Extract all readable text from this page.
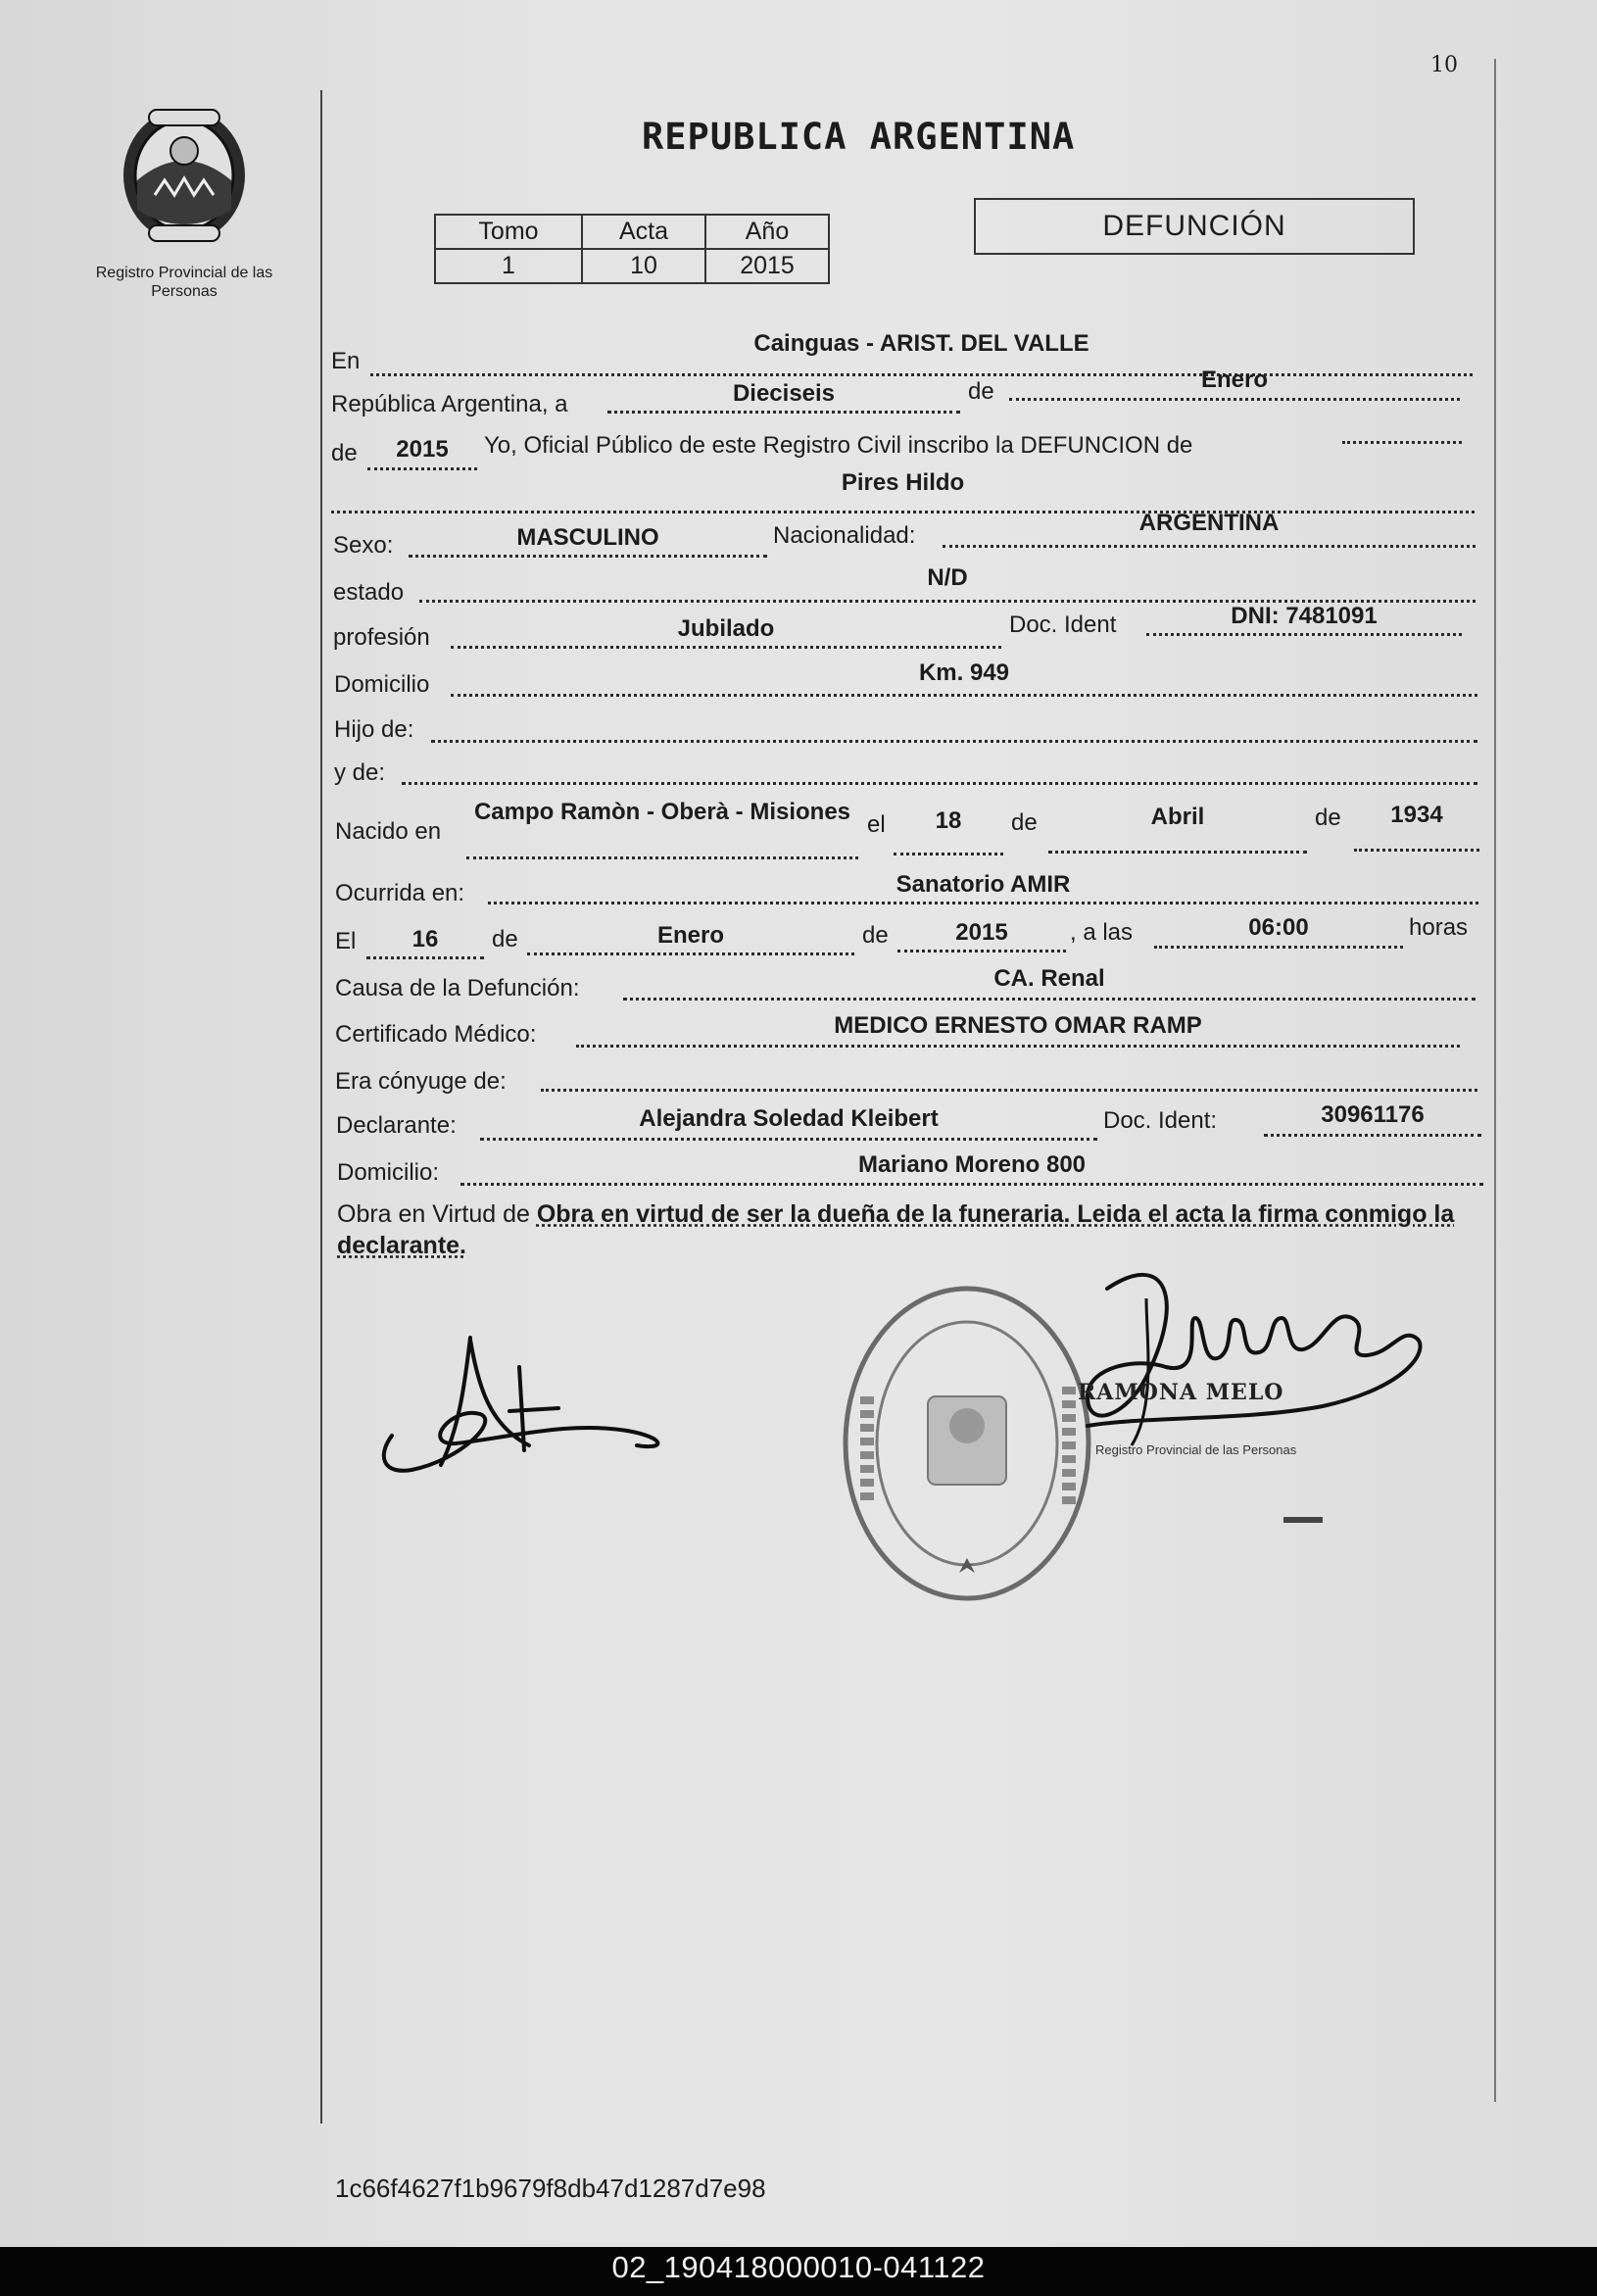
10
Registro Provincial de las Personas
REPUBLICA ARGENTINA
Tomo	Acta	Año
1	10	2015
DEFUNCIÓN
En
Cainguas - ARIST. DEL VALLE
República Argentina, a	Dieciseis	de	Enero
de	2015	Yo, Oficial Público de este Registro Civil inscribo la DEFUNCION de
Pires Hildo
Sexo:	MASCULINO	Nacionalidad:	ARGENTINA
estado
N/D
profesión	Jubilado	Doc. Ident	DNI: 7481091
Domicilio	Km. 949
Hijo de:
y de:
Nacido en
Campo Ramòn - Oberà - Misiones el	18	de	Abril	de	1934
Ocurrida en:	Sanatorio AMIR
El	16	de	Enero	de	2015	, a las	06:00	horas
Causa de la Defunción:	CA. Renal
Certificado Médico:	MEDICO ERNESTO OMAR RAMP
Era cónyuge de:
Declarante:	Alejandra Soledad Kleibert	Doc. Ident:	30961176
Domicilio:	Mariano Moreno 800
Obra en Virtud de Obra en virtud de ser la dueña de la funeraria. Leida el acta la firma conmigo la declarante.
RAMONA MELO
Registro Provincial de las Personas
1c66f4627f1b9679f8db47d1287d7e98
02_190418000010-041122
